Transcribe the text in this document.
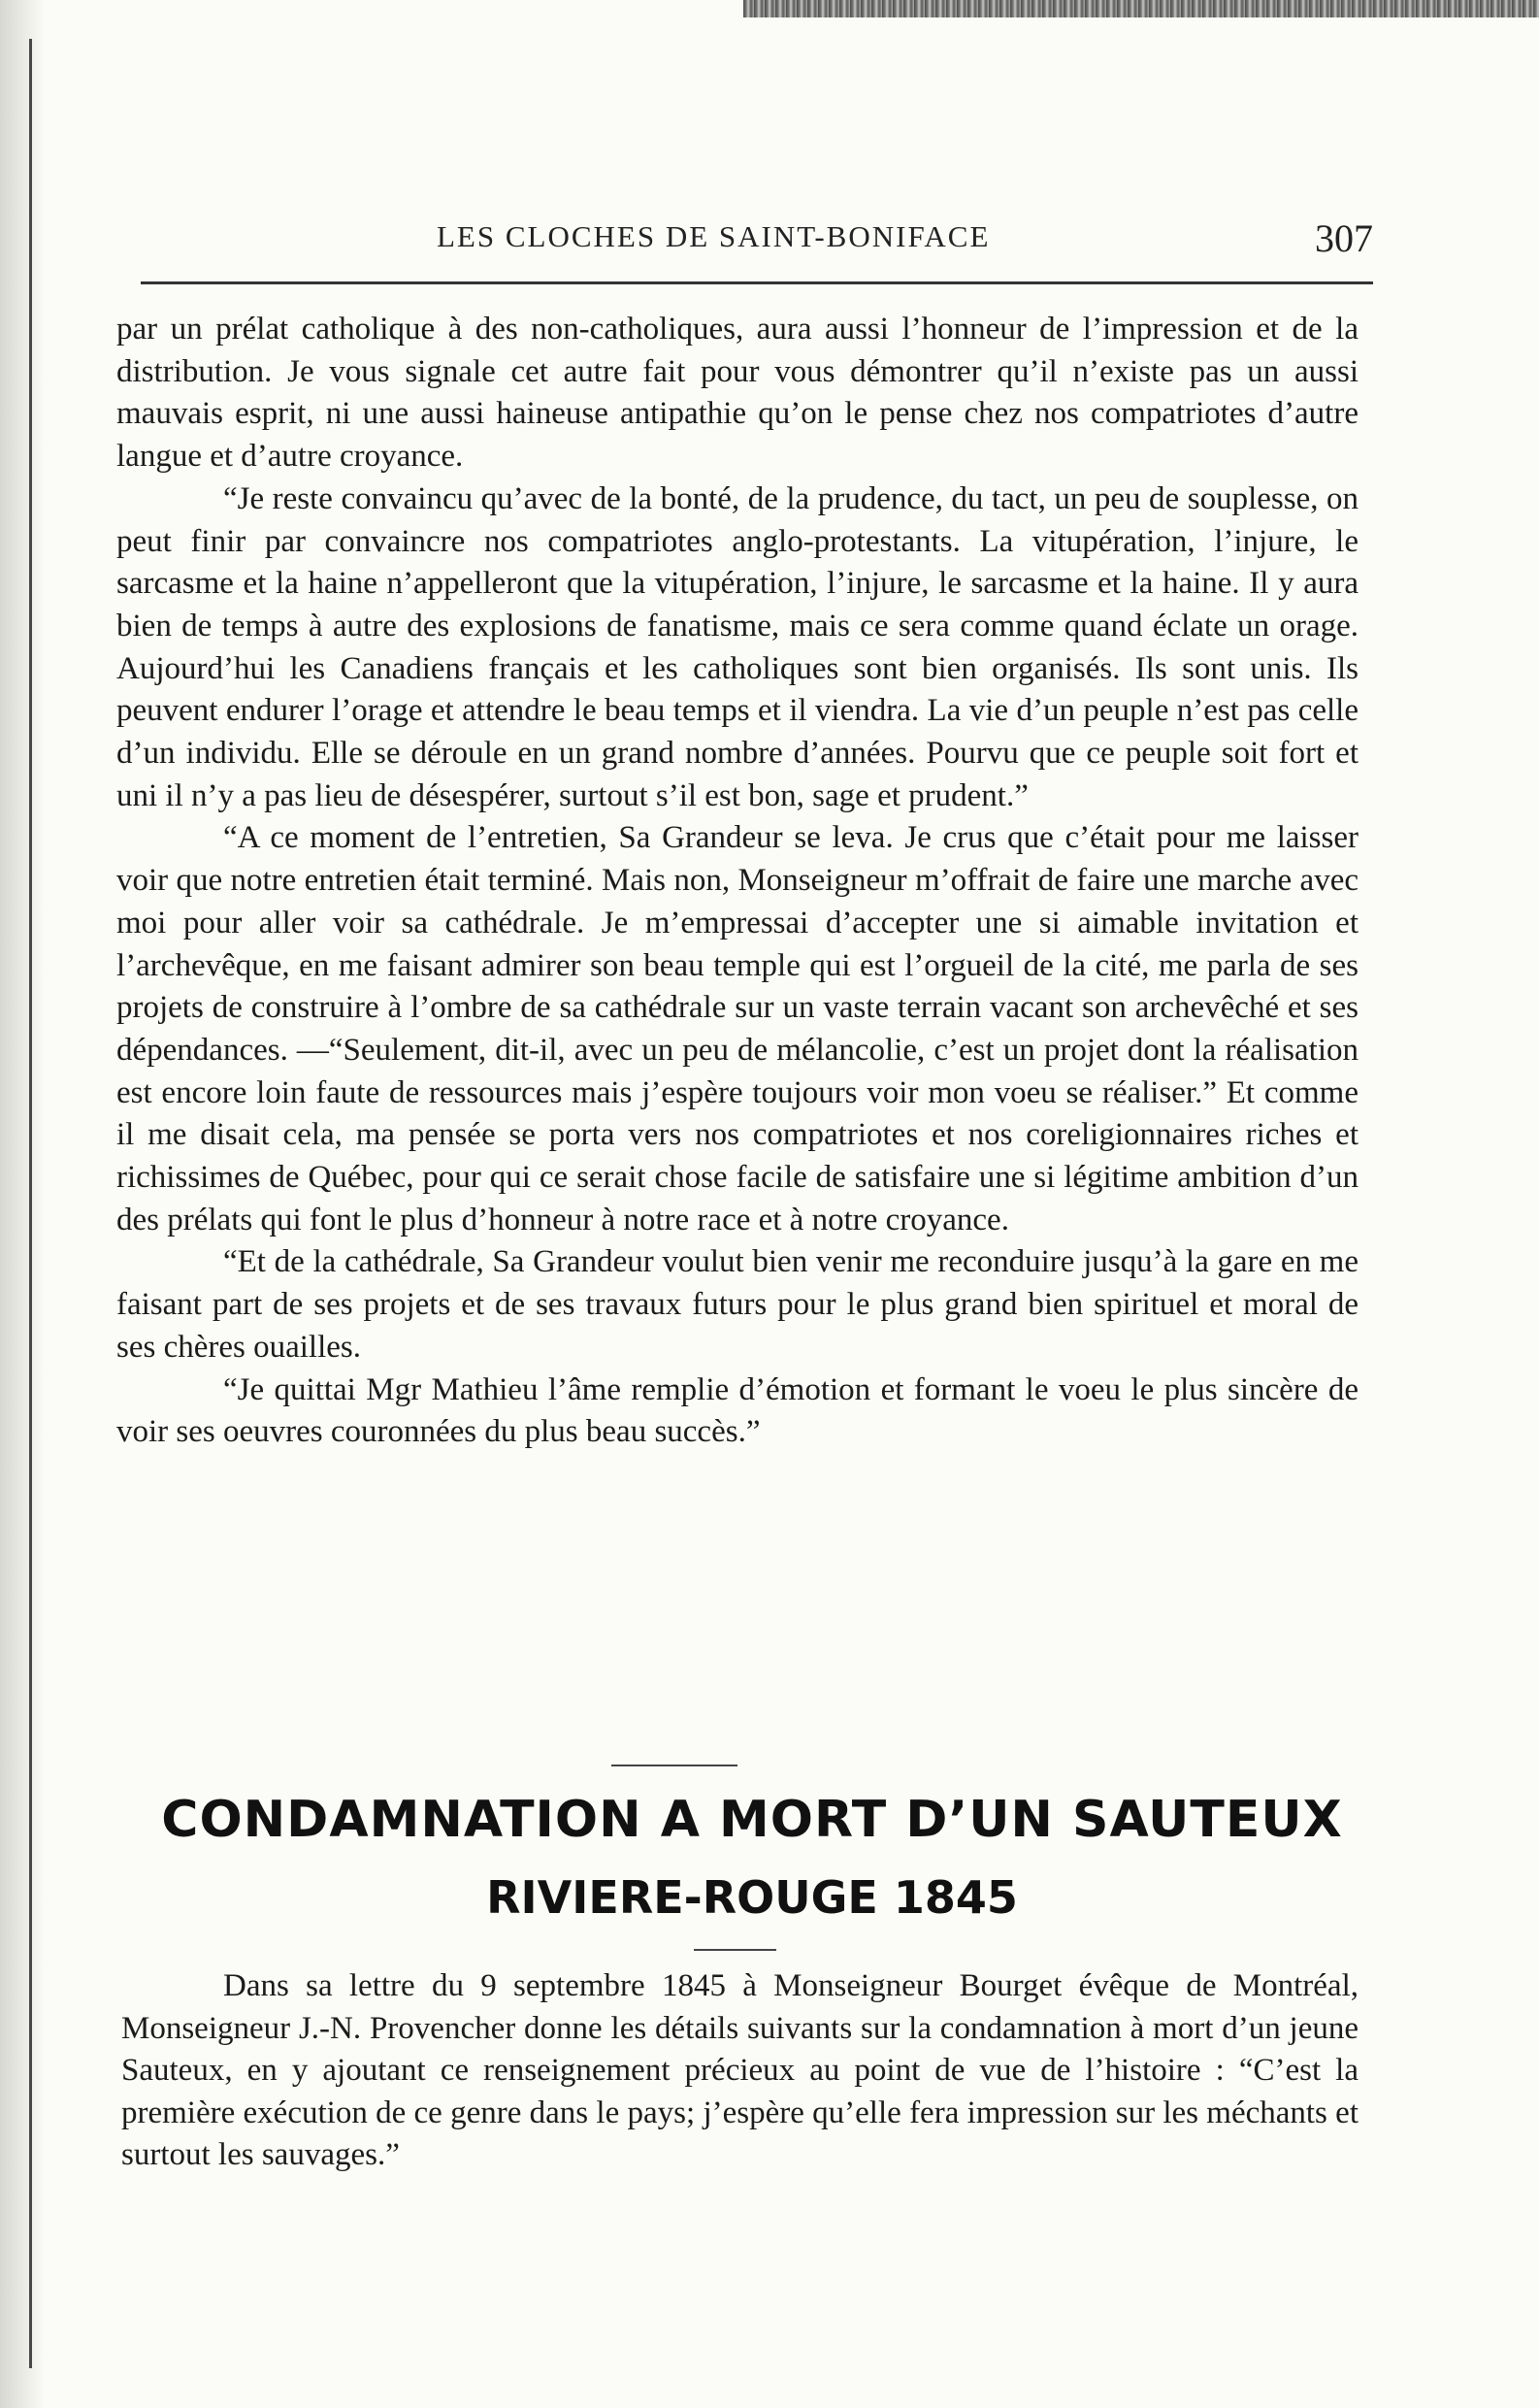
LES CLOCHES DE SAINT-BONIFACE	307

par un prélat catholique à des non-catholiques, aura aussi l’honneur de l’impression et de la distribution. Je vous signale cet autre fait pour vous démontrer qu’il n’existe pas un aussi mauvais esprit, ni une aussi haineuse antipathie qu’on le pense chez nos compatriotes d’autre langue et d’autre croyance.

“Je reste convaincu qu’avec de la bonté, de la prudence, du tact, un peu de souplesse, on peut finir par convaincre nos compatriotes anglo-protestants. La vitupération, l’injure, le sarcasme et la haine n’appelleront que la vitupération, l’injure, le sarcasme et la haine. Il y aura bien de temps à autre des explosions de fanatisme, mais ce sera comme quand éclate un orage. Aujourd’hui les Canadiens français et les catholiques sont bien organisés. Ils sont unis. Ils peuvent endurer l’orage et attendre le beau temps et il viendra. La vie d’un peuple n’est pas celle d’un individu. Elle se déroule en un grand nombre d’années. Pourvu que ce peuple soit fort et uni il n’y a pas lieu de désespérer, surtout s’il est bon, sage et prudent.”

“A ce moment de l’entretien, Sa Grandeur se leva. Je crus que c’était pour me laisser voir que notre entretien était terminé. Mais non, Monseigneur m’offrait de faire une marche avec moi pour aller voir sa cathédrale. Je m’empressai d’accepter une si aimable invitation et l’archevêque, en me faisant admirer son beau temple qui est l’orgueil de la cité, me parla de ses projets de construire à l’ombre de sa cathédrale sur un vaste terrain vacant son archevêché et ses dépendances. —“Seulement, dit-il, avec un peu de mélancolie, c’est un projet dont la réalisation est encore loin faute de ressources mais j’espère toujours voir mon voeu se réaliser.” Et comme il me disait cela, ma pensée se porta vers nos compatriotes et nos coreligionnaires riches et richissimes de Québec, pour qui ce serait chose facile de satisfaire une si légitime ambition d’un des prélats qui font le plus d’honneur à notre race et à notre croyance.

“Et de la cathédrale, Sa Grandeur voulut bien venir me reconduire jusqu’à la gare en me faisant part de ses projets et de ses travaux futurs pour le plus grand bien spirituel et moral de ses chères ouailles.

“Je quittai Mgr Mathieu l’âme remplie d’émotion et formant le voeu le plus sincère de voir ses oeuvres couronnées du plus beau succès.”

CONDAMNATION A MORT D’UN SAUTEUX
RIVIERE-ROUGE 1845

Dans sa lettre du 9 septembre 1845 à Monseigneur Bourget évêque de Montréal, Monseigneur J.-N. Provencher donne les détails suivants sur la condamnation à mort d’un jeune Sauteux, en y ajoutant ce renseignement précieux au point de vue de l’histoire : “C’est la première exécution de ce genre dans le pays; j’espère qu’elle fera impression sur les méchants et surtout les sauvages.”
